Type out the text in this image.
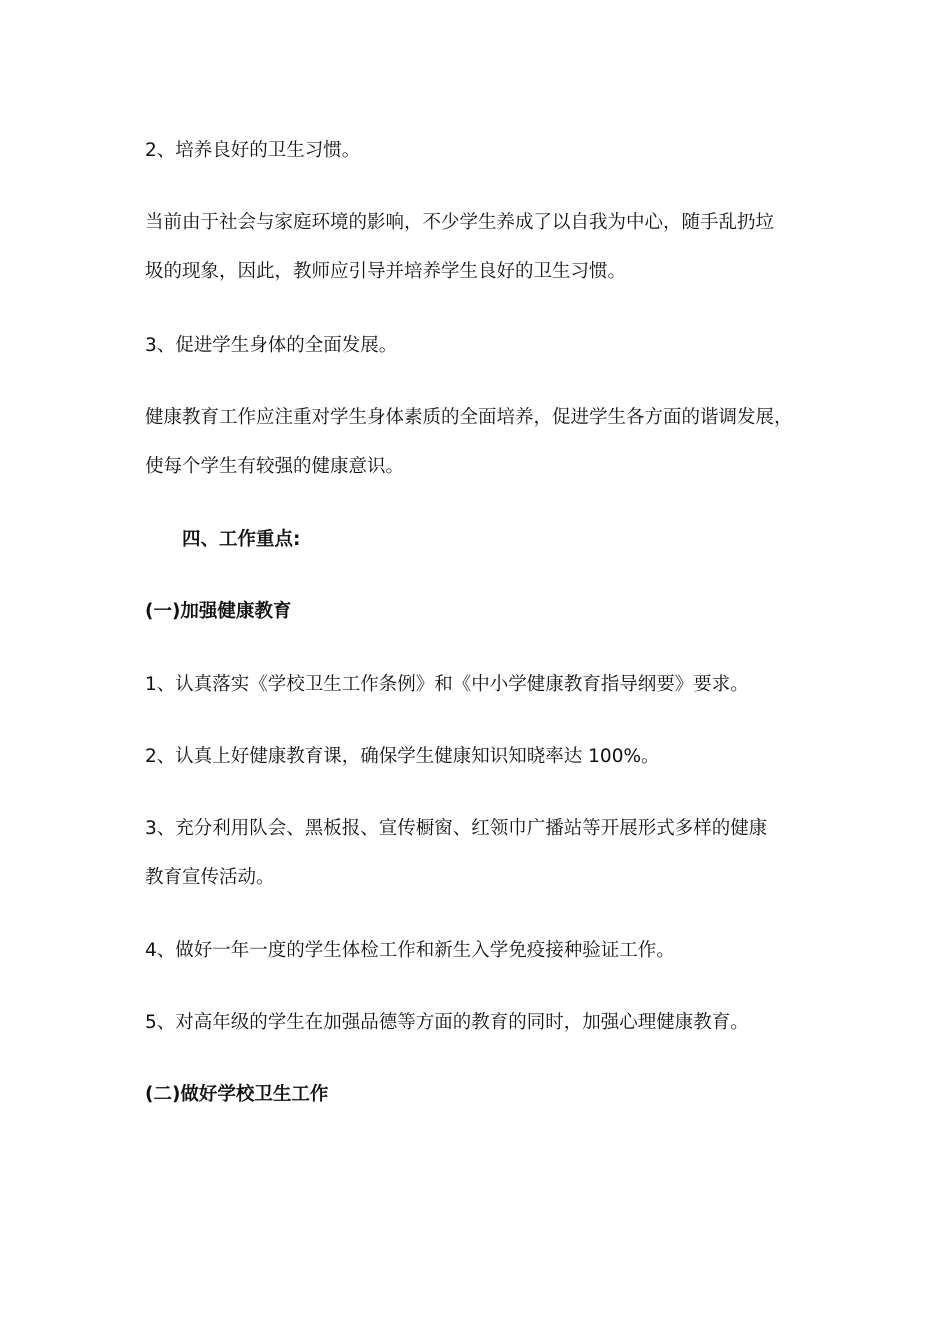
2、培养良好的卫生习惯。

当前由于社会与家庭环境的影响，不少学生养成了以自我为中心，随手乱扔垃

圾的现象，因此，教师应引导并培养学生良好的卫生习惯。

3、促进学生身体的全面发展。

健康教育工作应注重对学生身体素质的全面培养，促进学生各方面的谐调发展，

使每个学生有较强的健康意识。

四、工作重点:

(一)加强健康教育

1、认真落实《学校卫生工作条例》和《中小学健康教育指导纲要》要求。

2、认真上好健康教育课，确保学生健康知识知晓率达 100%。

3、充分利用队会、黑板报、宣传橱窗、红领巾广播站等开展形式多样的健康

教育宣传活动。

4、做好一年一度的学生体检工作和新生入学免疫接种验证工作。

5、对高年级的学生在加强品德等方面的教育的同时，加强心理健康教育。

(二)做好学校卫生工作
